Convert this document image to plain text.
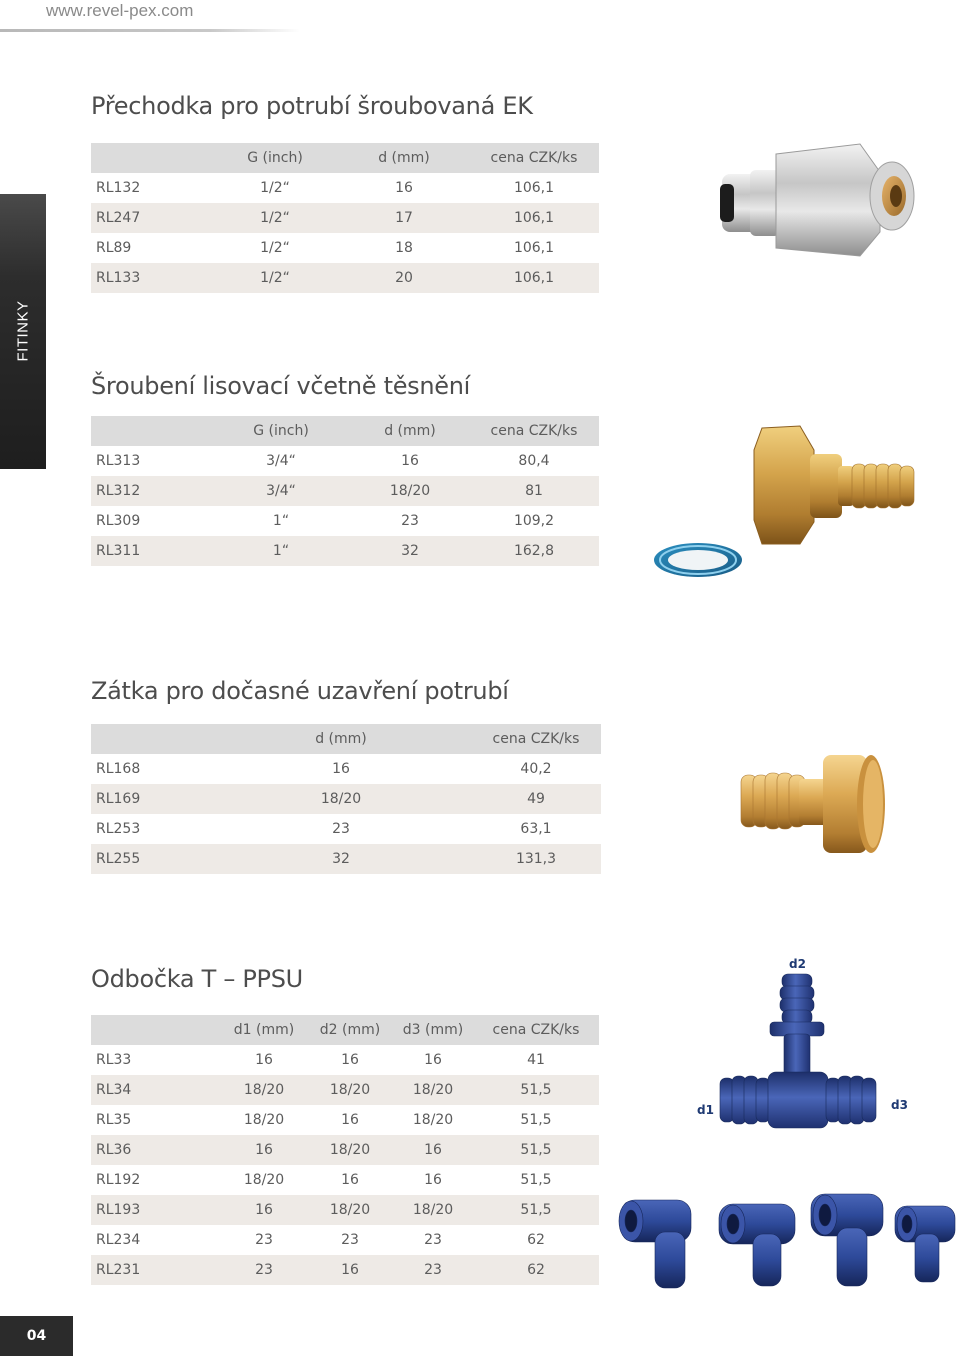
www.revel-pex.com
FITINKY
Přechodka pro potrubí šroubovaná EK
	G (inch)	d (mm)	cena CZK/ks
RL132	1/2“	16	106,1
RL247	1/2“	17	106,1
RL89	1/2“	18	106,1
RL133	1/2“	20	106,1
Šroubení lisovací včetně těsnění
	G (inch)	d (mm)	cena CZK/ks
RL313	3/4“	16	80,4
RL312	3/4“	18/20	81
RL309	1“	23	109,2
RL311	1“	32	162,8
Zátka pro dočasné uzavření potrubí
	d (mm)	cena CZK/ks
RL168	16	40,2
RL169	18/20	49
RL253	23	63,1
RL255	32	131,3
Odbočka T – PPSU
	d1 (mm)	d2 (mm)	d3 (mm)	cena CZK/ks
RL33	16	16	16	41
RL34	18/20	18/20	18/20	51,5
RL35	18/20	16	18/20	51,5
RL36	16	18/20	16	51,5
RL192	18/20	16	16	51,5
RL193	16	18/20	18/20	51,5
RL234	23	23	23	62
RL231	23	16	23	62
d2
d1	d3
04
